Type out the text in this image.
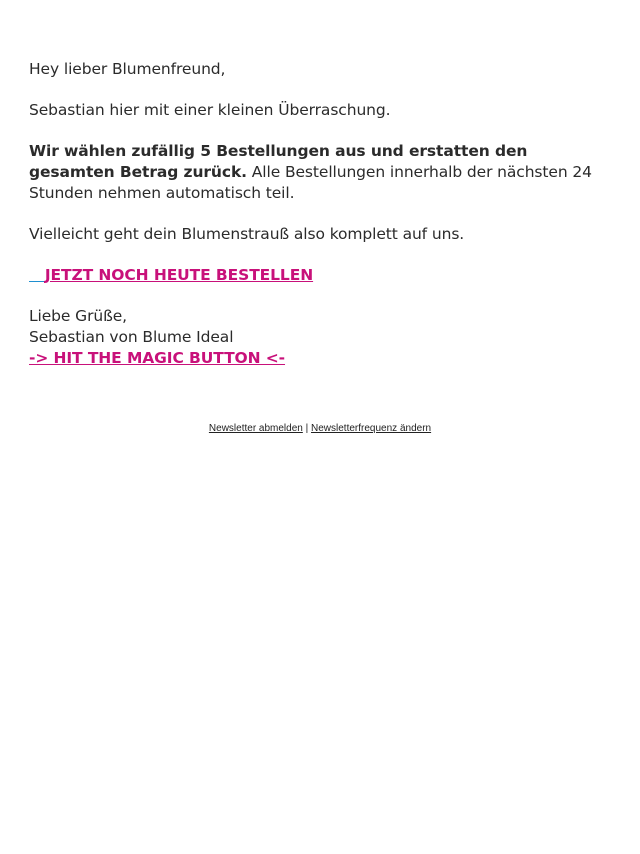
Hey lieber Blumenfreund,

Sebastian hier mit einer kleinen Überraschung.

Wir wählen zufällig 5 Bestellungen aus und erstatten den gesamten Betrag zurück. Alle Bestellungen innerhalb der nächsten 24 Stunden nehmen automatisch teil.

Vielleicht geht dein Blumenstrauß also komplett auf uns.

JETZT NOCH HEUTE BESTELLEN

Liebe Grüße,

Sebastian von Blume Ideal

-> HIT THE MAGIC BUTTON <-

Newsletter abmelden | Newsletterfrequenz ändern
